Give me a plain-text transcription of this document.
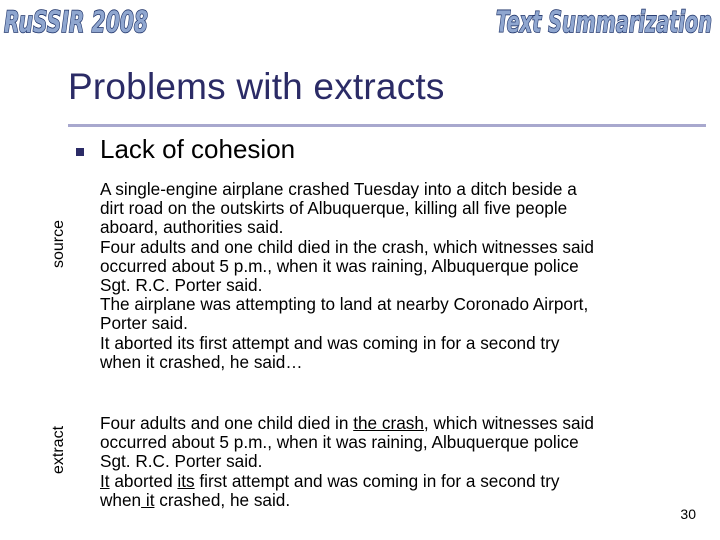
RuSSIR 2008	Text Summarization
Problems with extracts
Lack of cohesion
source
extract

A single-engine airplane crashed Tuesday into a ditch beside a
dirt road on the outskirts of Albuquerque, killing all five people
aboard, authorities said.
Four adults and one child died in the crash, which witnesses said
occurred about 5 p.m., when it was raining, Albuquerque police
Sgt. R.C. Porter said.
The airplane was attempting to land at nearby Coronado Airport,
Porter said.
It aborted its first attempt and was coming in for a second try
when it crashed, he said…

Four adults and one child died in the crash, which witnesses said
occurred about 5 p.m., when it was raining, Albuquerque police
Sgt. R.C. Porter said.
It aborted its first attempt and was coming in for a second try
when it crashed, he said.

30
